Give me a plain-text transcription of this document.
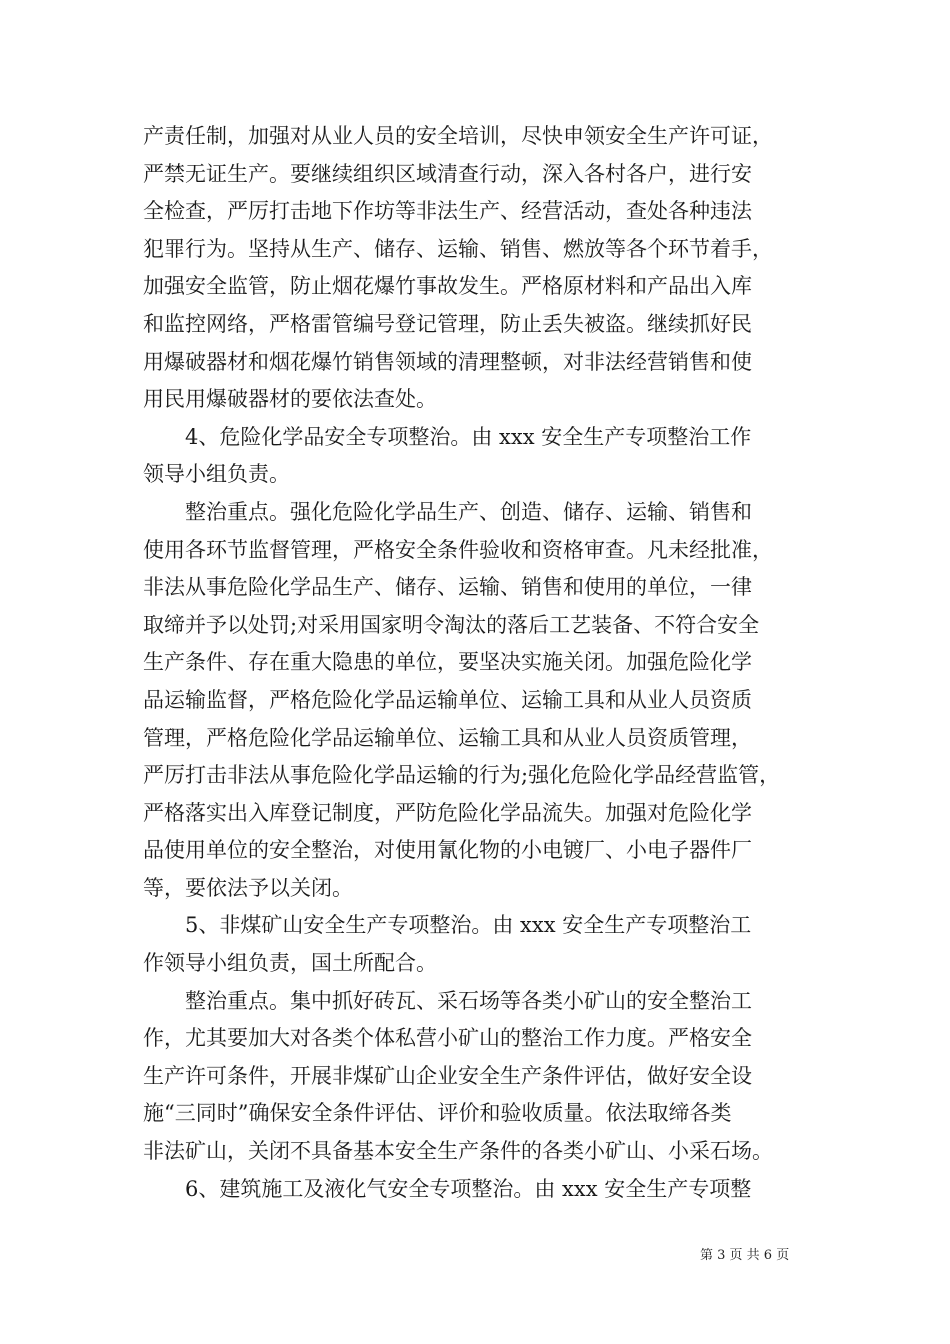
产责任制，加强对从业人员的安全培训，尽快申领安全生产许可证，
严禁无证生产。要继续组织区域清查行动，深入各村各户，进行安
全检查，严厉打击地下作坊等非法生产、经营活动，查处各种违法
犯罪行为。坚持从生产、储存、运输、销售、燃放等各个环节着手，
加强安全监管，防止烟花爆竹事故发生。严格原材料和产品出入库
和监控网络，严格雷管编号登记管理，防止丢失被盗。继续抓好民
用爆破器材和烟花爆竹销售领域的清理整顿，对非法经营销售和使
用民用爆破器材的要依法查处。
　　4、危险化学品安全专项整治。由 xxx 安全生产专项整治工作
领导小组负责。
　　整治重点。强化危险化学品生产、创造、储存、运输、销售和
使用各环节监督管理，严格安全条件验收和资格审查。凡未经批准，
非法从事危险化学品生产、储存、运输、销售和使用的单位，一律
取缔并予以处罚;对采用国家明令淘汰的落后工艺装备、不符合安全
生产条件、存在重大隐患的单位，要坚决实施关闭。加强危险化学
品运输监督，严格危险化学品运输单位、运输工具和从业人员资质
管理，严格危险化学品运输单位、运输工具和从业人员资质管理，
严厉打击非法从事危险化学品运输的行为;强化危险化学品经营监管，
严格落实出入库登记制度，严防危险化学品流失。加强对危险化学
品使用单位的安全整治，对使用氰化物的小电镀厂、小电子器件厂
等，要依法予以关闭。
　　5、非煤矿山安全生产专项整治。由 xxx 安全生产专项整治工
作领导小组负责，国土所配合。
　　整治重点。集中抓好砖瓦、采石场等各类小矿山的安全整治工
作，尤其要加大对各类个体私营小矿山的整治工作力度。严格安全
生产许可条件，开展非煤矿山企业安全生产条件评估，做好安全设
施“三同时”确保安全条件评估、评价和验收质量。依法取缔各类
非法矿山，关闭不具备基本安全生产条件的各类小矿山、小采石场。
　　6、建筑施工及液化气安全专项整治。由 xxx 安全生产专项整
第 3 页 共 6 页
